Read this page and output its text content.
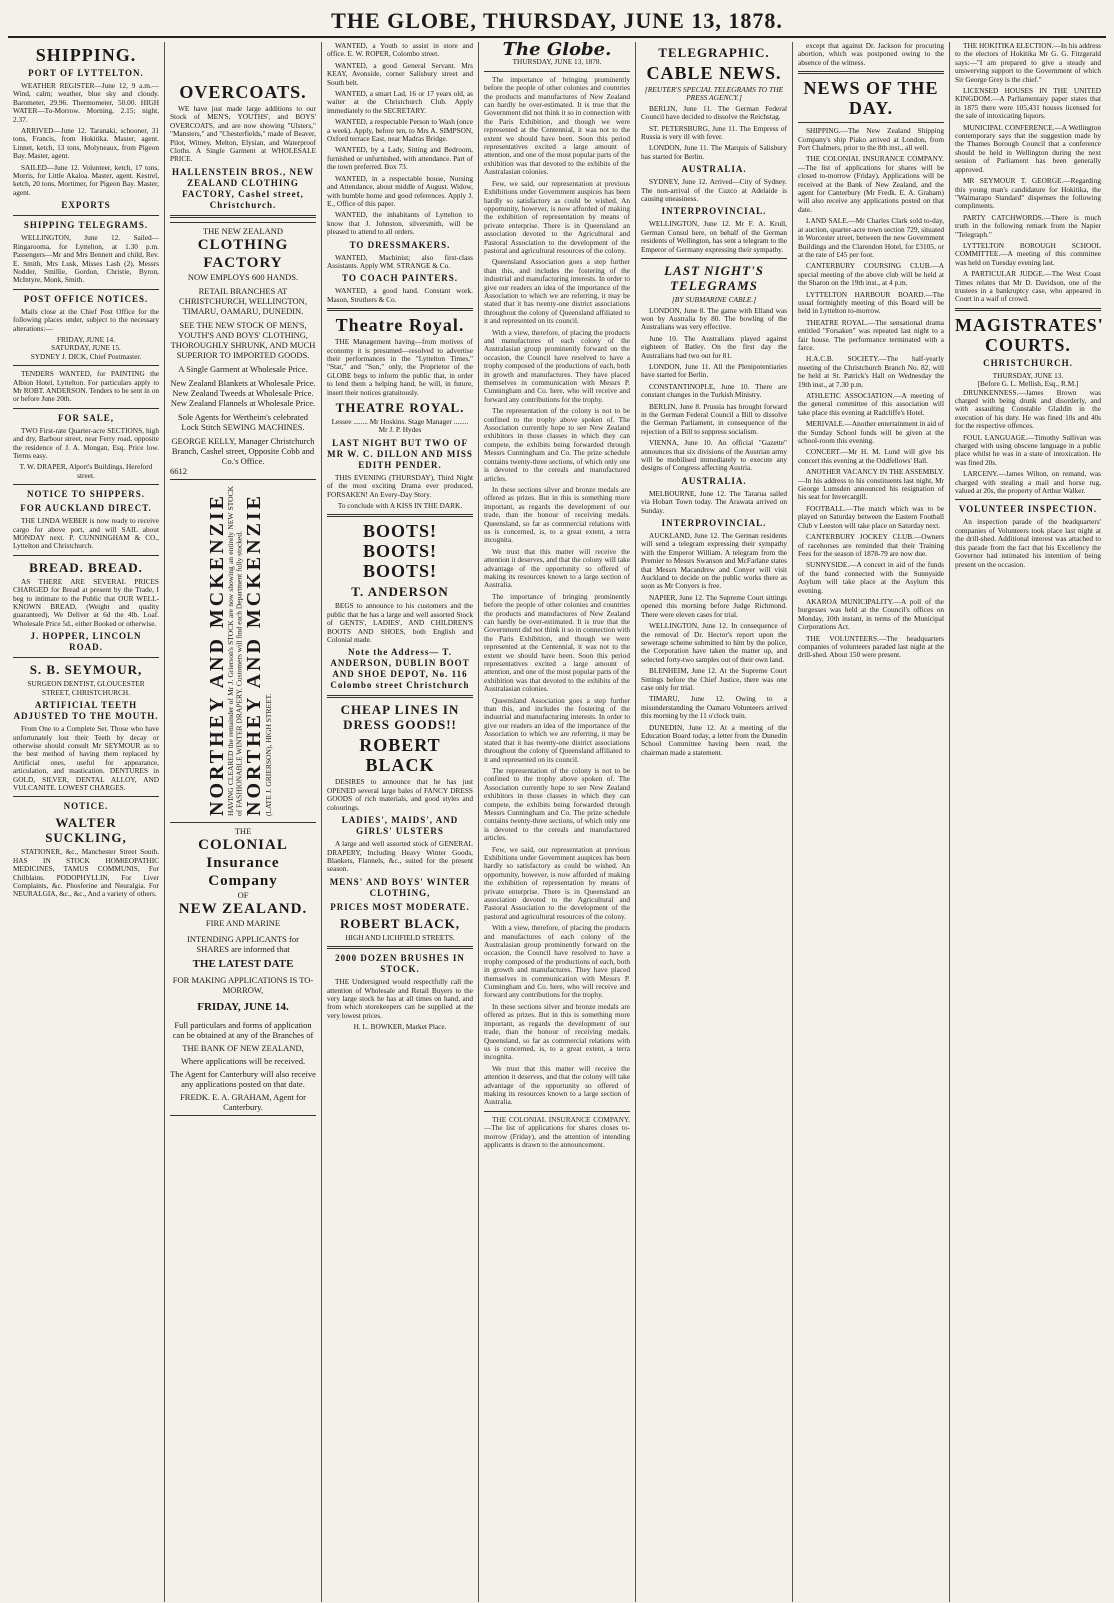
THE GLOBE, THURSDAY, JUNE 13, 1878.
SHIPPING.
PORT OF LYTTELTON.

WEATHER REGISTER—June 12, 9 a.m.—Wind, calm; weather, blue sky and cloudy. Barometer, 29.96. Thermometer, 50.00. HIGH WATER—To-Morrow. Morning, 2.15; night, 2.37.

ARRIVED—June 12. Taranaki, schooner, 31 tons, Francis, from Hokitika. Master, agent. Linnet, ketch, 13 tons, Molyneaux, from Pigeon Bay. Master, agent.

SAILED—June 12. Volunteer, ketch, 17 tons, Morris, for Little Akaloa. Master, agent. Kestrel, ketch, 20 tons, Mortimer, for Pigeon Bay. Master, agent.

EXPORTS
SHIPPING TELEGRAMS.

WELLINGTON, June 12. Sailed—Ringarooma, for Lyttelton, at 1.30 p.m. Passengers—Mr and Mrs Bennett and child, Rev. E. Smith, Mrs Lusk, Misses Lash (2), Messrs Nodder, Smillie, Gordon, Christie, Byron, McIntyre, Monk, Smith.

POST OFFICE NOTICES.

Mails close at the Chief Post Office for the following places under, subject to the necessary alterations:—

FRIDAY, JUNE 14.
SATURDAY, JUNE 15.
SYDNEY J. DICK, Chief Postmaster.

TENDERS WANTED, for PAINTING the Albion Hotel, Lyttelton. For particulars apply to Mr ROBT. ANDERSON. Tenders to be sent in on or before June 20th.

FOR SALE,

TWO First-rate Quarter-acre SECTIONS, high and dry, Barbour street, near Ferry road, opposite the residence of J. A. Mongan, Esq. Price low. Terms easy.

T. W. DRAPER, Alport's Buildings, Hereford street.
NOTICE TO SHIPPERS.
FOR AUCKLAND DIRECT.

THE LINDA WEBER is now ready to receive cargo for above port, and will SAIL about MONDAY next. P. CUNNINGHAM & CO., Lyttelton and Christchurch.

BREAD. BREAD.

AS THERE ARE SEVERAL PRICES CHARGED for Bread at present by the Trade, I beg to intimate to the Public that OUR WELL-KNOWN BREAD, (Weight and quality guaranteed), We Deliver at 6d the 4lb. Loaf. Wholesale Price 5d., either Booked or otherwise.

J. HOPPER, LINCOLN ROAD.
S. B. SEYMOUR,
SURGEON DENTIST, GLOUCESTER STREET, CHRISTCHURCH.
ARTIFICIAL TEETH ADJUSTED TO THE MOUTH.

From One to a Complete Set. Those who have unfortunately lost their Teeth by decay or otherwise should consult Mr SEYMOUR as to the best method of having them replaced by Artificial ones, useful for appearance, articulation, and mastication. DENTURES in GOLD, SILVER, DENTAL ALLOY, AND VULCANITE. LOWEST CHARGES.

NOTICE.
WALTER SUCKLING,

STATIONER, &c., Manchester Street South. HAS IN STOCK HOMŒOPATHIC MEDICINES, TAMUS COMMUNIS, For Chilblains. PODOPHYLLIN, For Liver Complaints, &c. Phosferine and Neuralgia. For NEURALGIA, &c., &c., And a variety of others.

OVERCOATS.

WE have just made large additions to our Stock of MEN'S, YOUTHS', and BOYS' OVERCOATS, and are now showing "Ulsters," "Mansters," and "Chesterfields," made of Beaver, Pilot, Witney, Melton, Elysian, and Waterproof Cloths. A Single Garment at WHOLESALE PRICE.

HALLENSTEIN BROS., NEW ZEALAND CLOTHING FACTORY, Cashel street, Christchurch.
THE NEW ZEALAND
CLOTHING FACTORY
NOW EMPLOYS 600 HANDS.
RETAIL BRANCHES AT CHRISTCHURCH, WELLINGTON, TIMARU, OAMARU, DUNEDIN.
SEE THE NEW STOCK OF MEN'S, YOUTH'S AND BOYS' CLOTHING, THOROUGHLY SHRUNK, AND MUCH SUPERIOR TO IMPORTED GOODS.
A Single Garment at Wholesale Price.
New Zealand Blankets at Wholesale Price. New Zealand Tweeds at Wholesale Price. New Zealand Flannels at Wholesale Price.
Sole Agents for Wertheim's celebrated Lock Stitch SEWING MACHINES.
GEORGE KELLY, Manager Christchurch Branch, Cashel street, Opposite Cobb and Co.'s Office.
6612
NORTHEY AND MCKENZIE
HAVING CLEARED the remainder of Mr J. Grierson's STOCK are now showing an entirely NEW STOCK of FASHIONABLE WINTER DRAPERY. Customers will find each Department fully stocked. NORTHEY AND MCKENZIE
(LATE J. GRIERSON), HIGH STREET.
THE
COLONIAL
Insurance Company
OF
NEW ZEALAND.
FIRE AND MARINE
INTENDING APPLICANTS for SHARES are informed that
THE LATEST DATE
FOR MAKING APPLICATIONS IS TO-MORROW,
FRIDAY, JUNE 14.
Full particulars and forms of application can be obtained at any of the Branches of
THE BANK OF NEW ZEALAND,
Where applications will be received.
The Agent for Canterbury will also receive any applications posted on that date.
FREDK. E. A. GRAHAM, Agent for Canterbury.

WANTED, a Youth to assist in store and office. E. W. ROPER, Colombo street.

WANTED, a good General Servant. Mrs KEAY, Avonside, corner Salisbury street and South belt.

WANTED, a smart Lad, 16 or 17 years old, as waiter at the Christchurch Club. Apply immediately to the SECRETARY.

WANTED, a respectable Person to Wash (once a week). Apply, before ten, to Mrs A. SIMPSON, Oxford terrace East, near Madras Bridge.

WANTED, by a Lady, Sitting and Bedroom, furnished or unfurnished, with attendance. Part of the town preferred. Box 73.

WANTED, in a respectable house, Nursing and Attendance, about middle of August. Widow, with humble home and good references. Apply J. E., Office of this paper.

WANTED, the inhabitants of Lyttelton to know that J. Johnston, silversmith, will be pleased to attend to all orders.

TO DRESSMAKERS.

WANTED, Machinist; also first-class Assistants. Apply WM. STRANGE & Co.

TO COACH PAINTERS.

WANTED, a good hand. Constant work. Mason, Struthers & Co.

Theatre Royal.

THE Management having—from motives of economy it is presumed—resolved to advertise their performances in the "Lyttelton Times," "Star," and "Sun," only, the Proprietor of the GLOBE begs to inform the public that, in order to lend them a helping hand, he will, in future, insert their notices gratuitously.

THEATRE ROYAL.
Lessee ........ Mr Hoskins. Stage Manager ........ Mr J. P. Hydes
LAST NIGHT BUT TWO OF MR W. C. DILLON AND MISS EDITH PENDER.

THIS EVENING (THURSDAY), Third Night of the most exciting Drama ever produced, FORSAKEN! An Every-Day Story.

To conclude with A KISS IN THE DARK.
BOOTS! BOOTS! BOOTS!
T. ANDERSON

BEGS to announce to his customers and the public that he has a large and well assorted Stock of GENTS', LADIES', AND CHILDREN'S BOOTS AND SHOES, both English and Colonial made.

Note the Address— T. ANDERSON, DUBLIN BOOT AND SHOE DEPOT, No. 116 Colombo street Christchurch
CHEAP LINES IN DRESS GOODS!!
ROBERT BLACK

DESIRES to announce that he has just OPENED several large bales of FANCY DRESS GOODS of rich materials, and good styles and colourings.

LADIES', MAIDS', AND GIRLS' ULSTERS

A large and well assorted stock of GENERAL DRAPERY, Including Heavy Winter Goods, Blankets, Flannels, &c., suited for the present season.

MENS' AND BOYS' WINTER CLOTHING,
PRICES MOST MODERATE.
ROBERT BLACK,
HIGH AND LICHFIELD STREETS.
2000 DOZEN BRUSHES IN STOCK.

THE Undersigned would respectfully call the attention of Wholesale and Retail Buyers to the very large stock he has at all times on hand, and from which storekeepers can be supplied at the very lowest prices.

H. L. BOWKER, Market Place.
The Globe.
THURSDAY, JUNE 13, 1878.

The importance of bringing prominently before the people of other colonies and countries the products and manufactures of New Zealand can hardly be over-estimated. It is true that the Government did not think it so in connection with the Paris Exhibition, and though we were represented at the Centennial, it was not to the extent we should have been. Soon this period representatives excited a large amount of attention, and one of the most popular parts of the exhibition was that devoted to the exhibits of the Australasian colonies.

Few, we said, our representation at previous Exhibitions under Government auspices has been hardly so satisfactory as could be wished. An opportunity, however, is now afforded of making the exhibition of representation by means of private enterprise. There is in Queensland an association devoted to the Agricultural and Pastoral Association to the development of the pastoral and agricultural resources of the colony.

Queensland Association goes a step further than this, and includes the fostering of the industrial and manufacturing interests. In order to give our readers an idea of the importance of the Association to which we are referring, it may be stated that it has twenty-one district associations throughout the colony of Queensland affiliated to it and represented on its council.

With a view, therefore, of placing the products and manufactures of each colony of the Australasian group prominently forward on the occasion, the Council have resolved to have a trophy composed of the productions of each, both in growth and manufactures. They have placed themselves in communication with Messrs P. Cunningham and Co. here, who will receive and forward any contributions for the trophy.

The representation of the colony is not to be confined to the trophy above spoken of. The Association currently hope to see New Zealand exhibitors in those classes in which they can compete, the exhibits being forwarded through Messrs Cunningham and Co. The prize schedule contains twenty-three sections, of which only one is devoted to the cereals and manufactured articles.

In these sections silver and bronze medals are offered as prizes. But in this is something more important, as regards the development of our trade, than the honour of receiving medals. Queensland, so far as commercial relations with us is concerned, is, to a great extent, a terra incognita.

We trust that this matter will receive the attention it deserves, and that the colony will take advantage of the opportunity so offered of making its resources known to a large section of Australia.

The importance of bringing prominently before the people of other colonies and countries the products and manufactures of New Zealand can hardly be over-estimated. It is true that the Government did not think it so in connection with the Paris Exhibition, and though we were represented at the Centennial, it was not to the extent we should have been. Soon this period representatives excited a large amount of attention, and one of the most popular parts of the exhibition was that devoted to the exhibits of the Australasian colonies.

Queensland Association goes a step further than this, and includes the fostering of the industrial and manufacturing interests. In order to give our readers an idea of the importance of the Association to which we are referring, it may be stated that it has twenty-one district associations throughout the colony of Queensland affiliated to it and represented on its council.

The representation of the colony is not to be confined to the trophy above spoken of. The Association currently hope to see New Zealand exhibitors in those classes in which they can compete, the exhibits being forwarded through Messrs Cunningham and Co. The prize schedule contains twenty-three sections, of which only one is devoted to the cereals and manufactured articles.

Few, we said, our representation at previous Exhibitions under Government auspices has been hardly so satisfactory as could be wished. An opportunity, however, is now afforded of making the exhibition of representation by means of private enterprise. There is in Queensland an association devoted to the Agricultural and Pastoral Association to the development of the pastoral and agricultural resources of the colony.

With a view, therefore, of placing the products and manufactures of each colony of the Australasian group prominently forward on the occasion, the Council have resolved to have a trophy composed of the productions of each, both in growth and manufactures. They have placed themselves in communication with Messrs P. Cunningham and Co. here, who will receive and forward any contributions for the trophy.

In these sections silver and bronze medals are offered as prizes. But in this is something more important, as regards the development of our trade, than the honour of receiving medals. Queensland, so far as commercial relations with us is concerned, is, to a great extent, a terra incognita.

We trust that this matter will receive the attention it deserves, and that the colony will take advantage of the opportunity so offered of making its resources known to a large section of Australia.

THE COLONIAL INSURANCE COMPANY.—The list of applications for shares closes to-morrow (Friday), and the attention of intending applicants is drawn to the announcement.

TELEGRAPHIC.
CABLE NEWS.
[REUTER'S SPECIAL TELEGRAMS TO THE PRESS AGENCY.]

BERLIN, June 11. The German Federal Council have decided to dissolve the Reichstag.

ST. PETERSBURG, June 11. The Empress of Russia is very ill with fever.

LONDON, June 11. The Marquis of Salisbury has started for Berlin.

AUSTRALIA.

SYDNEY, June 12. Arrived—City of Sydney. The non-arrival of the Cuzco at Adelaide is causing uneasiness.

INTERPROVINCIAL.

WELLINGTON, June 12. Mr F. A. Krull, German Consul here, on behalf of the German residents of Wellington, has sent a telegram to the Emperor of Germany expressing their sympathy.

LAST NIGHT'S TELEGRAMS
[BY SUBMARINE CABLE.]

LONDON, June 8. The game with Elland was won by Australia by 80. The bowling of the Australians was very effective.

June 10. The Australians played against eighteen of Batley. On the first day the Australians had two out for 81.

LONDON, June 11. All the Plenipotentiaries have started for Berlin.

CONSTANTINOPLE, June 10. There are constant changes in the Turkish Ministry.

BERLIN, June 8. Prussia has brought forward in the German Federal Council a Bill to dissolve the German Parliament, in consequence of the rejection of a Bill to suppress socialism.

VIENNA, June 10. An official "Gazette" announces that six divisions of the Austrian army will be mobilised immediately to execute any designs of Congress affecting Austria.

AUSTRALIA.

MELBOURNE, June 12. The Tararua sailed via Hobart Town today. The Arawata arrived on Sunday.

INTERPROVINCIAL.

AUCKLAND, June 12. The German residents will send a telegram expressing their sympathy with the Emperor William. A telegram from the Premier to Messrs Swanson and McFarlane states that Messrs Macandrew and Conyer will visit Auckland to decide on the public works there as soon as Mr Conyers is free.

NAPIER, June 12. The Supreme Court sittings opened this morning before Judge Richmond. There were eleven cases for trial.

WELLINGTON, June 12. In consequence of the removal of Dr. Hector's report upon the sewerage scheme submitted to him by the police, the Corporation have taken the matter up, and selected forty-two samples out of their own land.

BLENHEIM, June 12. At the Supreme Court Sittings before the Chief Justice, there was one case only for trial.

TIMARU, June 12. Owing to a misunderstanding the Oamaru Volunteers arrived this morning by the 11 o'clock train.

DUNEDIN, June 12. At a meeting of the Education Board today, a letter from the Dunedin School Committee having been read, the chairman made a statement.

except that against Dr. Jackson for procuring abortion, which was postponed owing to the absence of the witness.

NEWS OF THE DAY.

SHIPPING.—The New Zealand Shipping Company's ship Piako arrived at London, from Port Chalmers, prior to the 8th inst., all well.

THE COLONIAL INSURANCE COMPANY.—The list of applications for shares will be closed to-morrow (Friday). Applications will be received at the Bank of New Zealand, and the agent for Canterbury (Mr Fredk. E. A. Graham) will also receive any applications posted on that date.

LAND SALE.—Mr Charles Clark sold to-day, at auction, quarter-acre town section 729, situated in Worcester street, between the new Government Buildings and the Clarendon Hotel, for £3105, or at the rate of £45 per foot.

CANTERBURY COURSING CLUB.—A special meeting of the above club will be held at the Sharon on the 19th inst., at 4 p.m.

LYTTELTON HARBOUR BOARD.—The usual fortnightly meeting of this Board will be held in Lyttelton to-morrow.

THEATRE ROYAL.—The sensational drama entitled "Forsaken" was repeated last night to a fair house. The performance terminated with a farce.

H.A.C.B. SOCIETY.—The half-yearly meeting of the Christchurch Branch No. 82, will be held at St. Patrick's Hall on Wednesday the 19th inst., at 7.30 p.m.

ATHLETIC ASSOCIATION.—A meeting of the general committee of this association will take place this evening at Radcliffe's Hotel.

MERIVALE.—Another entertainment in aid of the Sunday School funds will be given at the school-room this evening.

CONCERT.—Mr H. M. Lund will give his concert this evening at the Oddfellows' Hall.

ANOTHER VACANCY IN THE ASSEMBLY.—In his address to his constituents last night, Mr George Lumsden announced his resignation of his seat for Invercargill.

FOOTBALL.—The match which was to be played on Saturday between the Eastern Football Club v Leeston will take place on Saturday next.

CANTERBURY JOCKEY CLUB.—Owners of racehorses are reminded that their Training Fees for the season of 1878-79 are now due.

SUNNYSIDE.—A concert in aid of the funds of the band connected with the Sunnyside Asylum will take place at the Asylum this evening.

AKAROA MUNICIPALITY.—A poll of the burgesses was held at the Council's offices on Monday, 10th instant, in terms of the Municipal Corporations Act.

THE VOLUNTEERS.—The headquarters companies of volunteers paraded last night at the drill-shed. About 150 were present.

THE HOKITIKA ELECTION.—In his address to the electors of Hokitika Mr G. G. Fitzgerald says:—"I am prepared to give a steady and unswerving support to the Government of which Sir George Grey is the chief."

LICENSED HOUSES IN THE UNITED KINGDOM.—A Parliamentary paper states that in 1875 there were 105,431 houses licensed for the sale of intoxicating liquors.

MUNICIPAL CONFERENCE.—A Wellington contemporary says that the suggestion made by the Thames Borough Council that a conference should be held in Wellington during the next session of Parliament has been generally approved.

MR SEYMOUR T. GEORGE.—Regarding this young man's candidature for Hokitika, the "Waimarapo Standard" dispenses the following compliments.

PARTY CATCHWORDS.—There is much truth in the following remark from the Napier "Telegraph."

LYTTELTON BOROUGH SCHOOL COMMITTEE.—A meeting of this committee was held on Tuesday evening last.

A PARTICULAR JUDGE.—The West Coast Times relates that Mr D. Davidson, one of the trustees in a bankruptcy case, who appeared in Court in a waif of crowd.

MAGISTRATES' COURTS.
CHRISTCHURCH.
THURSDAY, JUNE 13.
[Before G. L. Mellish, Esq., R.M.]

DRUNKENNESS.—James Brown was charged with being drunk and disorderly, and with assaulting Constable Gladdin in the execution of his duty. He was fined 10s and 40s for the respective offences.

FOUL LANGUAGE.—Timothy Sullivan was charged with using obscene language in a public place whilst he was in a state of intoxication. He was fined 20s.

LARCENY.—James Wilton, on remand, was charged with stealing a mail and horse rug, valued at 20s, the property of Arthur Walker.

VOLUNTEER INSPECTION.

An inspection parade of the headquarters' companies of Volunteers took place last night at the drill-shed. Additional interest was attached to this parade from the fact that his Excellency the Governor had intimated his intention of being present on the occasion.
